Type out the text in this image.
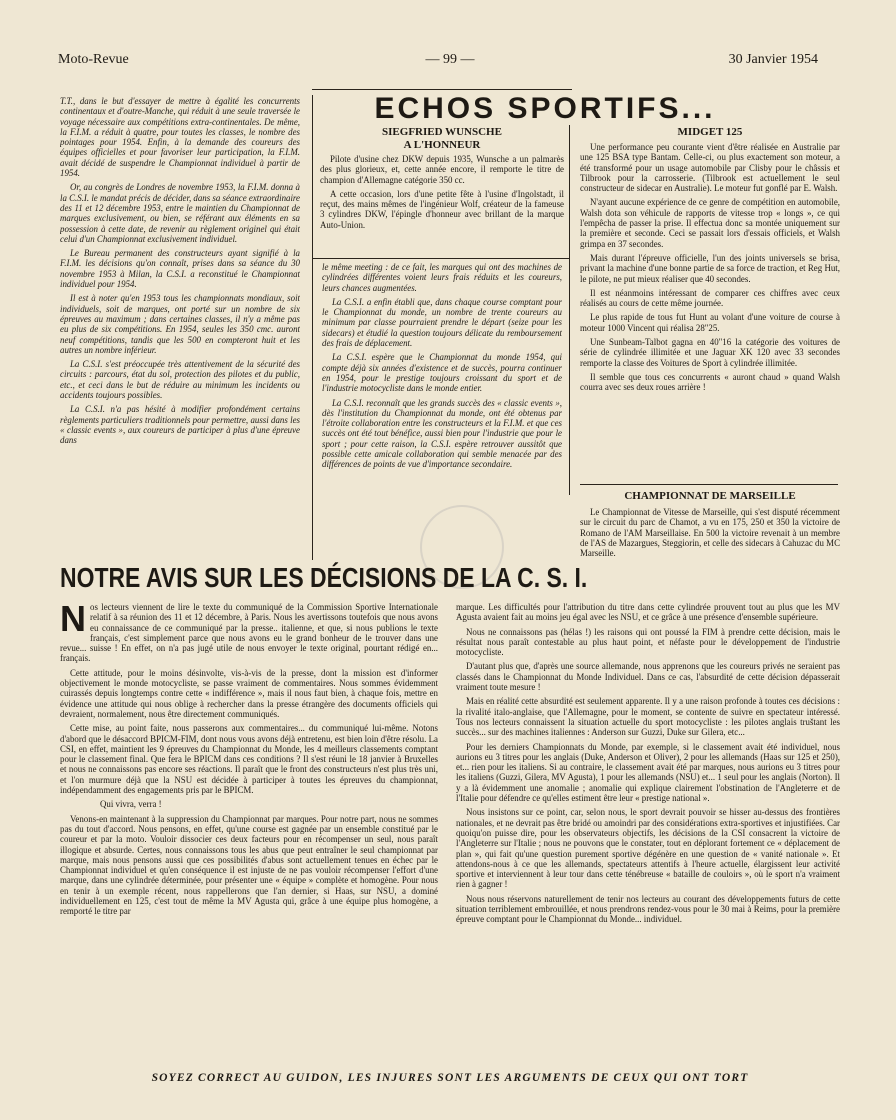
Moto-Revue	— 99 —	30 Janvier 1954

T.T., dans le but d'essayer de mettre à égalité les concurrents continentaux et d'outre-Manche, qui réduit à une seule traversée le voyage nécessaire aux compétitions extra-continentales. De même, la F.I.M. a réduit à quatre, pour toutes les classes, le nombre des pointages pour 1954. Enfin, à la demande des coureurs des équipes officielles et pour favoriser leur participation, la F.I.M. avait décidé de suspendre le Championnat individuel à partir de 1954.

Or, au congrès de Londres de novembre 1953, la F.I.M. donna à la C.S.I. le mandat précis de décider, dans sa séance extraordinaire des 11 et 12 décembre 1953, entre le maintien du Championnat de marques exclusivement, ou bien, se référant aux éléments en sa possession à cette date, de revenir au règlement originel qui était celui d'un Championnat exclusivement individuel.

Le Bureau permanent des constructeurs ayant signifié à la F.I.M. les décisions qu'on connaît, prises dans sa séance du 30 novembre 1953 à Milan, la C.S.I. a reconstitué le Championnat individuel pour 1954.

Il est à noter qu'en 1953 tous les championnats mondiaux, soit individuels, soit de marques, ont porté sur un nombre de six épreuves au maximum ; dans certaines classes, il n'y a même pas eu plus de six compétitions. En 1954, seules les 350 cmc. auront neuf compétitions, tandis que les 500 en compteront huit et les autres un nombre inférieur.

La C.S.I. s'est préoccupée très attentivement de la sécurité des circuits : parcours, état du sol, protection des pilotes et du public, etc., et ceci dans le but de réduire au minimum les incidents ou accidents toujours possibles.

La C.S.I. n'a pas hésité à modifier profondément certains règlements particuliers traditionnels pour permettre, aussi dans les « classic events », aux coureurs de participer à plus d'une épreuve dans

ECHOS SPORTIFS...
SIEGFRIED WUNSCHE
A L'HONNEUR

Pilote d'usine chez DKW depuis 1935, Wunsche a un palmarès des plus glorieux, et, cette année encore, il remporte le titre de champion d'Allemagne catégorie 350 cc.

A cette occasion, lors d'une petite fête à l'usine d'Ingolstadt, il reçut, des mains mêmes de l'ingénieur Wolf, créateur de la fameuse 3 cylindres DKW, l'épingle d'honneur avec brillant de la marque Auto-Union.

le même meeting : de ce fait, les marques qui ont des machines de cylindrées différentes voient leurs frais réduits et les coureurs, leurs chances augmentées.

La C.S.I. a enfin établi que, dans chaque course comptant pour le Championnat du monde, un nombre de trente coureurs au minimum par classe pourraient prendre le départ (seize pour les sidecars) et étudié la question toujours délicate du remboursement des frais de déplacement.

La C.S.I. espère que le Championnat du monde 1954, qui compte déjà six années d'existence et de succès, pourra continuer en 1954, pour le prestige toujours croissant du sport et de l'industrie motocycliste dans le monde entier.

La C.S.I. reconnaît que les grands succès des « classic events », dès l'institution du Championnat du monde, ont été obtenus par l'étroite collaboration entre les constructeurs et la F.I.M. et que ces succès ont été tout bénéfice, aussi bien pour l'industrie que pour le sport ; pour cette raison, la C.S.I. espère retrouver aussitôt que possible cette amicale collaboration qui semble menacée par des différences de points de vue d'importance secondaire.

MIDGET 125

Une performance peu courante vient d'être réalisée en Australie par une 125 BSA type Bantam. Celle-ci, ou plus exactement son moteur, a été transformé pour un usage automobile par Clisby pour le châssis et Tilbrook pour la carrosserie. (Tilbrook est actuellement le seul constructeur de sidecar en Australie). Le moteur fut gonflé par E. Walsh.

N'ayant aucune expérience de ce genre de compétition en automobile, Walsh dota son véhicule de rapports de vitesse trop « longs », ce qui l'empêcha de passer la prise. Il effectua donc sa montée uniquement sur la première et seconde. Ceci se passait lors d'essais officiels, et Walsh grimpa en 37 secondes.

Mais durant l'épreuve officielle, l'un des joints universels se brisa, privant la machine d'une bonne partie de sa force de traction, et Reg Hut, le pilote, ne put mieux réaliser que 40 secondes.

Il est néanmoins intéressant de comparer ces chiffres avec ceux réalisés au cours de cette même journée.

Le plus rapide de tous fut Hunt au volant d'une voiture de course à moteur 1000 Vincent qui réalisa 28"25.

Une Sunbeam-Talbot gagna en 40"16 la catégorie des voitures de série de cylindrée illimitée et une Jaguar XK 120 avec 33 secondes remporte la classe des Voitures de Sport à cylindrée illimitée.

Il semble que tous ces concurrents « auront chaud » quand Walsh courra avec ses deux roues arrière !

CHAMPIONNAT DE MARSEILLE

Le Championnat de Vitesse de Marseille, qui s'est disputé récemment sur le circuit du parc de Chamot, a vu en 175, 250 et 350 la victoire de Romano de l'AM Marseillaise. En 500 la victoire revenait à un membre de l'AS de Mazargues, Steggiorin, et celle des sidecars à Cahuzac du MC Marseille.

NOTRE AVIS SUR LES DÉCISIONS DE LA C. S. I.

Nos lecteurs viennent de lire le texte du communiqué de la Commission Sportive Internationale relatif à sa réunion des 11 et 12 décembre, à Paris. Nous les avertissons toutefois que nous avons eu connaissance de ce communiqué par la presse.. italienne, et que, si nous publions le texte français, c'est simplement parce que nous avons eu le grand bonheur de le trouver dans une revue... suisse ! En effet, on n'a pas jugé utile de nous envoyer le texte original, pourtant rédigé en... français.

Cette attitude, pour le moins désinvolte, vis-à-vis de la presse, dont la mission est d'informer objectivement le monde motocycliste, se passe vraiment de commentaires. Nous sommes évidemment cuirassés depuis longtemps contre cette « indifférence », mais il nous faut bien, à chaque fois, mettre en évidence une attitude qui nous oblige à rechercher dans la presse étrangère des documents officiels qui devraient, normalement, nous être directement communiqués.

Cette mise, au point faite, nous passerons aux commentaires... du communiqué lui-même. Notons d'abord que le désaccord BPICM-FIM, dont nous vous avons déjà entretenu, est bien loin d'être résolu. La CSI, en effet, maintient les 9 épreuves du Championnat du Monde, les 4 meilleurs classements comptant pour le classement final. Que fera le BPICM dans ces conditions ? Il s'est réuni le 18 janvier à Bruxelles et nous ne connaissons pas encore ses réactions. Il paraît que le front des constructeurs n'est plus très uni, et l'on murmure déjà que la NSU est décidée à participer à toutes les épreuves du championnat, indépendamment des engagements pris par le BPICM.

Qui vivra, verra !

Venons-en maintenant à la suppression du Championnat par marques. Pour notre part, nous ne sommes pas du tout d'accord. Nous pensons, en effet, qu'une course est gagnée par un ensemble constitué par le coureur et par la moto. Vouloir dissocier ces deux facteurs pour en récompenser un seul, nous paraît illogique et absurde. Certes, nous connaissons tous les abus que peut entraîner le seul championnat par marque, mais nous pensons aussi que ces possibilités d'abus sont actuellement tenues en échec par le Championnat individuel et qu'en conséquence il est injuste de ne pas vouloir récompenser l'effort d'une marque, dans une cylindrée déterminée, pour présenter une « équipe » complète et homogène. Pour nous en tenir à un exemple récent, nous rappellerons que l'an dernier, si Haas, sur NSU, a dominé individuellement en 125, c'est tout de même la MV Agusta qui, grâce à une équipe plus homogène, a remporté le titre par

marque. Les difficultés pour l'attribution du titre dans cette cylindrée prouvent tout au plus que les MV Agusta avaient fait au moins jeu égal avec les NSU, et ce grâce à une présence d'ensemble supérieure.

Nous ne connaissons pas (hélas !) les raisons qui ont poussé la FIM à prendre cette décision, mais le résultat nous paraît contestable au plus haut point, et néfaste pour le développement de l'industrie motocycliste.

D'autant plus que, d'après une source allemande, nous apprenons que les coureurs privés ne seraient pas classés dans le Championnat du Monde Individuel. Dans ce cas, l'absurdité de cette décision dépasserait vraiment toute mesure !

Mais en réalité cette absurdité est seulement apparente. Il y a une raison profonde à toutes ces décisions : la rivalité italo-anglaise, que l'Allemagne, pour le moment, se contente de suivre en spectateur intéressé. Tous nos lecteurs connaissent la situation actuelle du sport motocycliste : les pilotes anglais truštant les succès... sur des machines italiennes : Anderson sur Guzzi, Duke sur Gilera, etc...

Pour les derniers Championnats du Monde, par exemple, si le classement avait été individuel, nous aurions eu 3 titres pour les anglais (Duke, Anderson et Oliver), 2 pour les allemands (Haas sur 125 et 250), et... rien pour les italiens. Si au contraire, le classement avait été par marques, nous aurions eu 3 titres pour les italiens (Guzzi, Gilera, MV Agusta), 1 pour les allemands (NSU) et... 1 seul pour les anglais (Norton). Il y a là évidemment une anomalie ; anomalie qui explique clairement l'obstination de l'Angleterre et de l'Italie pour défendre ce qu'elles estiment être leur « prestige national ».

Nous insistons sur ce point, car, selon nous, le sport devrait pouvoir se hisser au-dessus des frontières nationales, et ne devrait pas être bridé ou amoindri par des considérations extra-sportives et injustifiées. Car quoiqu'on puisse dire, pour les observateurs objectifs, les décisions de la CSI consacrent la victoire de l'Angleterre sur l'Italie ; nous ne pouvons que le constater, tout en déplorant fortement ce « déplacement de plan », qui fait qu'une question purement sportive dégénère en une question de « vanité nationale ». Et attendons-nous à ce que les allemands, spectateurs attentifs à l'heure actuelle, élargissent leur activité sportive et interviennent à leur tour dans cette ténébreuse « bataille de couloirs », où le sport n'a vraiment rien à gagner !

Nous nous réservons naturellement de tenir nos lecteurs au courant des développements futurs de cette situation terriblement embrouillée, et nous prendrons rendez-vous pour le 30 mai à Reims, pour la première épreuve comptant pour le Championnat du Monde... individuel.

SOYEZ CORRECT AU GUIDON, LES INJURES SONT LES ARGUMENTS DE CEUX QUI ONT TORT
